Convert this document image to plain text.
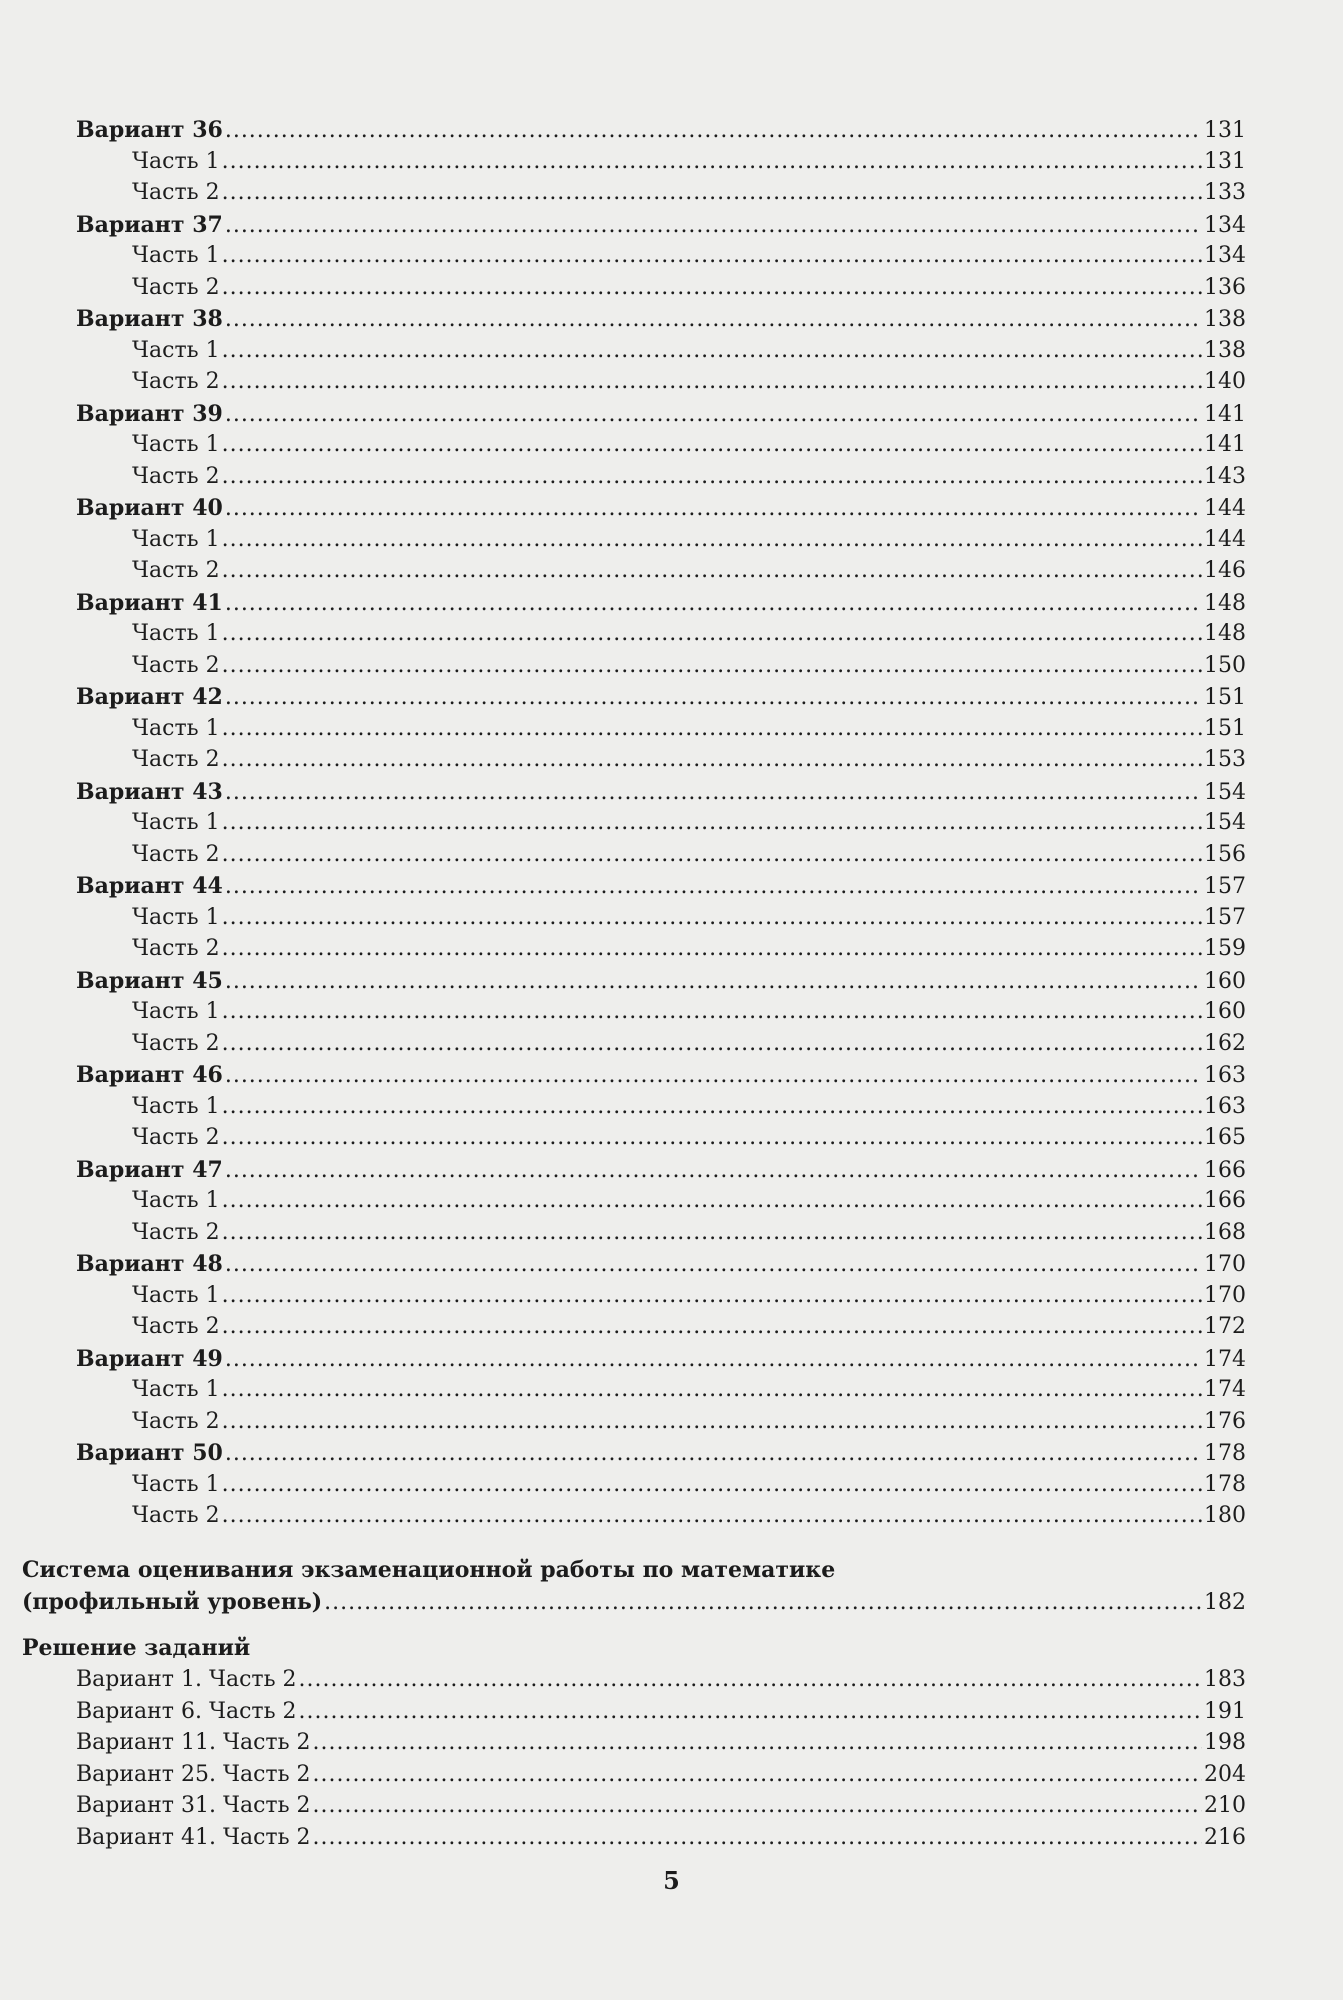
Вариант 36 .....	131
Часть 1 .....	131
Часть 2 .....	133
Вариант 37 .....	134
Часть 1 .....	134
Часть 2 .....	136
Вариант 38 .....	138
Часть 1 .....	138
Часть 2 .....	140
Вариант 39 .....	141
Часть 1 .....	141
Часть 2 .....	143
Вариант 40 .....	144
Часть 1 .....	144
Часть 2 .....	146
Вариант 41 .....	148
Часть 1 .....	148
Часть 2 .....	150
Вариант 42 .....	151
Часть 1 .....	151
Часть 2 .....	153
Вариант 43 .....	154
Часть 1 .....	154
Часть 2 .....	156
Вариант 44 .....	157
Часть 1 .....	157
Часть 2 .....	159
Вариант 45 .....	160
Часть 1 .....	160
Часть 2 .....	162
Вариант 46 .....	163
Часть 1 .....	163
Часть 2 .....	165
Вариант 47 .....	166
Часть 1 .....	166
Часть 2 .....	168
Вариант 48 .....	170
Часть 1 .....	170
Часть 2 .....	172
Вариант 49 .....	174
Часть 1 .....	174
Часть 2 .....	176
Вариант 50 .....	178
Часть 1 .....	178
Часть 2 .....	180
Система оценивания экзаменационной работы по математике
(профильный уровень) .....	182
Решение заданий
Вариант 1. Часть 2 .....	183
Вариант 6. Часть 2 .....	191
Вариант 11. Часть 2 .....	198
Вариант 25. Часть 2 .....	204
Вариант 31. Часть 2 .....	210
Вариант 41. Часть 2 .....	216
5
